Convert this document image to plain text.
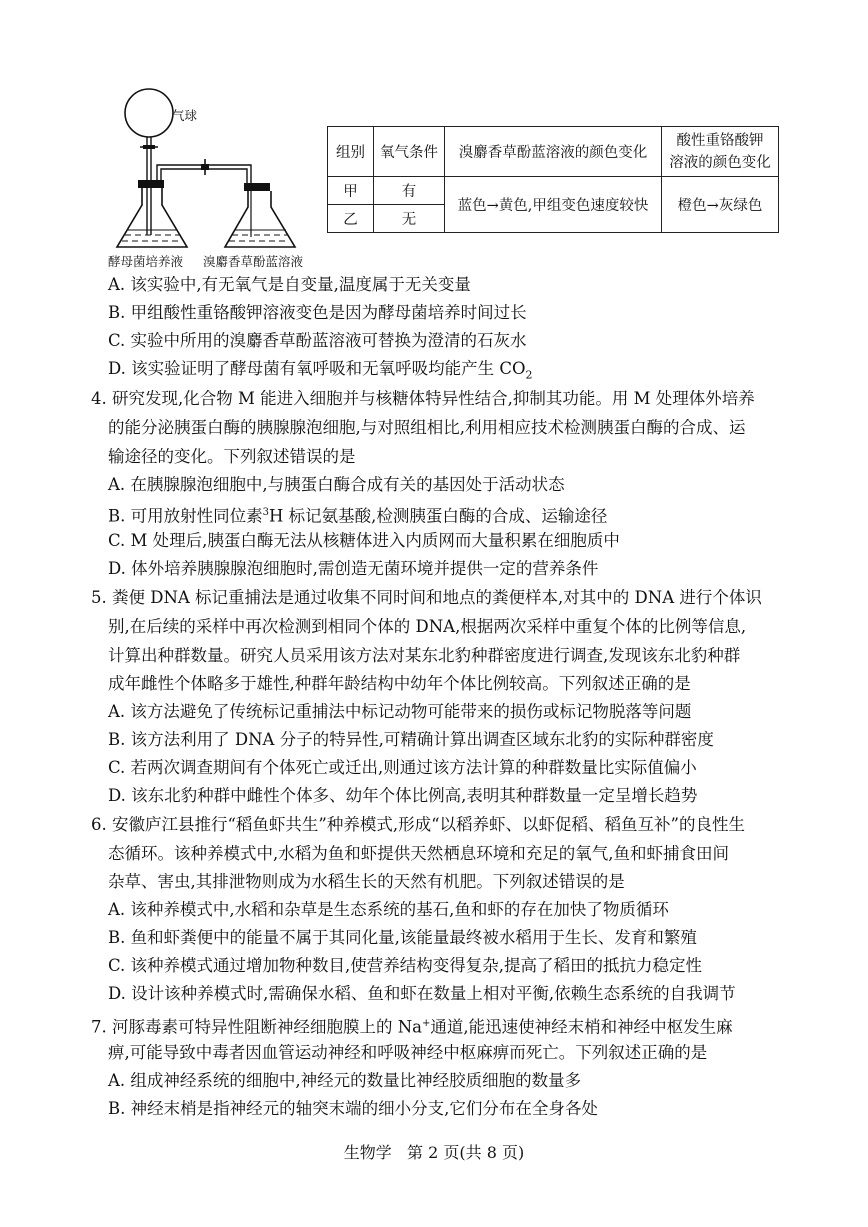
气球
酵母菌培养液 溴麝香草酚蓝溶液
组别	氧气条件	溴麝香草酚蓝溶液的颜色变化	酸性重铬酸钾
溶液的颜色变化
甲	有	蓝色→黄色,甲组变色速度较快	橙色→灰绿色
乙	无		
A. 该实验中,有无氧气是自变量,温度属于无关变量
B. 甲组酸性重铬酸钾溶液变色是因为酵母菌培养时间过长
C. 实验中所用的溴麝香草酚蓝溶液可替换为澄清的石灰水
D. 该实验证明了酵母菌有氧呼吸和无氧呼吸均能产生 $CO_2$
4. 研究发现,化合物 M 能进入细胞并与核糖体特异性结合,抑制其功能。用 M 处理体外培养
的能分泌胰蛋白酶的胰腺腺泡细胞,与对照组相比,利用相应技术检测胰蛋白酶的合成、运
输途径的变化。下列叙述错误的是
A. 在胰腺腺泡细胞中,与胰蛋白酶合成有关的基因处于活动状态
B. 可用放射性同位素$^3$H 标记氨基酸,检测胰蛋白酶的合成、运输途径
C. M 处理后,胰蛋白酶无法从核糖体进入内质网而大量积累在细胞质中
D. 体外培养胰腺腺泡细胞时,需创造无菌环境并提供一定的营养条件
5. 粪便 DNA 标记重捕法是通过收集不同时间和地点的粪便样本,对其中的 DNA 进行个体识
别,在后续的采样中再次检测到相同个体的 DNA,根据两次采样中重复个体的比例等信息,
计算出种群数量。研究人员采用该方法对某东北豹种群密度进行调查,发现该东北豹种群
成年雌性个体略多于雄性,种群年龄结构中幼年个体比例较高。下列叙述正确的是
A. 该方法避免了传统标记重捕法中标记动物可能带来的损伤或标记物脱落等问题
B. 该方法利用了 DNA 分子的特异性,可精确计算出调查区域东北豹的实际种群密度
C. 若两次调查期间有个体死亡或迁出,则通过该方法计算的种群数量比实际值偏小
D. 该东北豹种群中雌性个体多、幼年个体比例高,表明其种群数量一定呈增长趋势
6. 安徽庐江县推行“稻鱼虾共生”种养模式,形成“以稻养虾、以虾促稻、稻鱼互补”的良性生
态循环。该种养模式中,水稻为鱼和虾提供天然栖息环境和充足的氧气,鱼和虾捕食田间
杂草、害虫,其排泄物则成为水稻生长的天然有机肥。下列叙述错误的是
A. 该种养模式中,水稻和杂草是生态系统的基石,鱼和虾的存在加快了物质循环
B. 鱼和虾粪便中的能量不属于其同化量,该能量最终被水稻用于生长、发育和繁殖
C. 该种养模式通过增加物种数目,使营养结构变得复杂,提高了稻田的抵抗力稳定性
D. 设计该种养模式时,需确保水稻、鱼和虾在数量上相对平衡,依赖生态系统的自我调节
7. 河豚毒素可特异性阻断神经细胞膜上的 Na+通道,能迅速使神经末梢和神经中枢发生麻
痹,可能导致中毒者因血管运动神经和呼吸神经中枢麻痹而死亡。下列叙述正确的是
A. 组成神经系统的细胞中,神经元的数量比神经胶质细胞的数量多
B. 神经末梢是指神经元的轴突末端的细小分支,它们分布在全身各处
生物学   第 2 页(共 8 页)
